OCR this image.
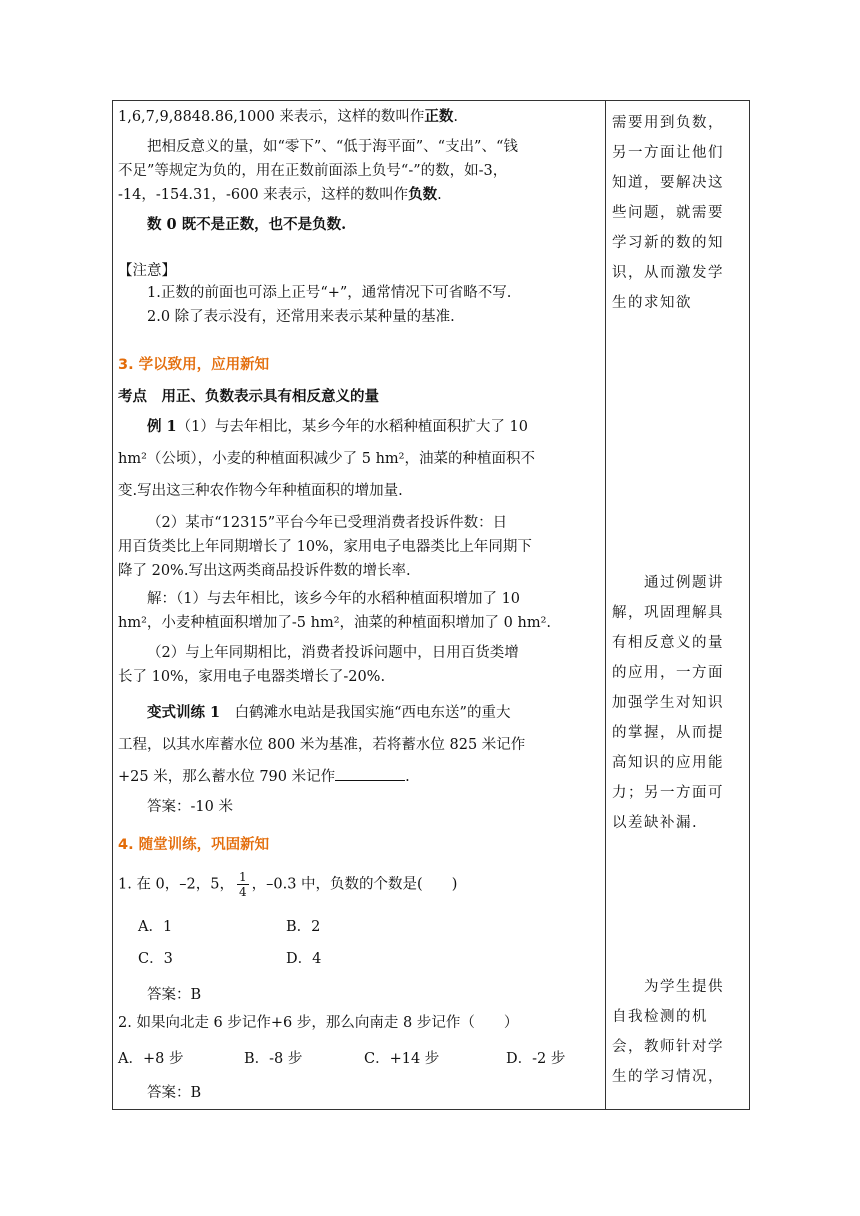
1,6,7,9,8848.86,1000 来表示，这样的数叫作正数.
把相反意义的量，如“零下”、“低于海平面”、“支出”、“钱
不足”等规定为负的，用在正数前面添上负号“-”的数，如-3，
-14，-154.31，-600 来表示，这样的数叫作负数.
数 0 既不是正数，也不是负数.
【注意】
1.正数的前面也可添上正号“+”，通常情况下可省略不写.
2.0 除了表示没有，还常用来表示某种量的基准.
3. 学以致用，应用新知
考点　用正、负数表示具有相反意义的量
例 1（1）与去年相比，某乡今年的水稻种植面积扩大了 10
hm²（公顷），小麦的种植面积减少了 5 hm²，油菜的种植面积不
变.写出这三种农作物今年种植面积的增加量.
（2）某市“12315”平台今年已受理消费者投诉件数：日
用百货类比上年同期增长了 10%，家用电子电器类比上年同期下
降了 20%.写出这两类商品投诉件数的增长率.
解：（1）与去年相比，该乡今年的水稻种植面积增加了 10
hm²，小麦种植面积增加了-5 hm²，油菜的种植面积增加了 0 hm².
（2）与上年同期相比，消费者投诉问题中，日用百货类增
长了 10%，家用电子电器类增长了-20%.
变式训练 1　 白鹤滩水电站是我国实施“西电东送”的重大
工程，以其水库蓄水位 800 米为基准，若将蓄水位 825 米记作
+25 米，那么蓄水位 790 米记作	.
答案：-10 米
4. 随堂训练，巩固新知
1. 在 0，–2，5， $\frac{1}{4}$ ，–0.3 中，负数的个数是(　　)
A．1	B．2
C．3	D．4
答案：B
2. 如果向北走 6 步记作+6 步，那么向南走 8 步记作（　　）
A．+8 步	B．-8 步	C．+14 步	D．-2 步
答案：B
需要用到负数，
另一方面让他们
知道，要解决这
些问题，就需要
学习新的数的知
识，从而激发学
生的求知欲
　　通过例题讲
解，巩固理解具
有相反意义的量
的应用，一方面
加强学生对知识
的掌握，从而提
高知识的应用能
力；另一方面可
以差缺补漏.
　　为学生提供
自我检测的机
会，教师针对学
生的学习情况，
